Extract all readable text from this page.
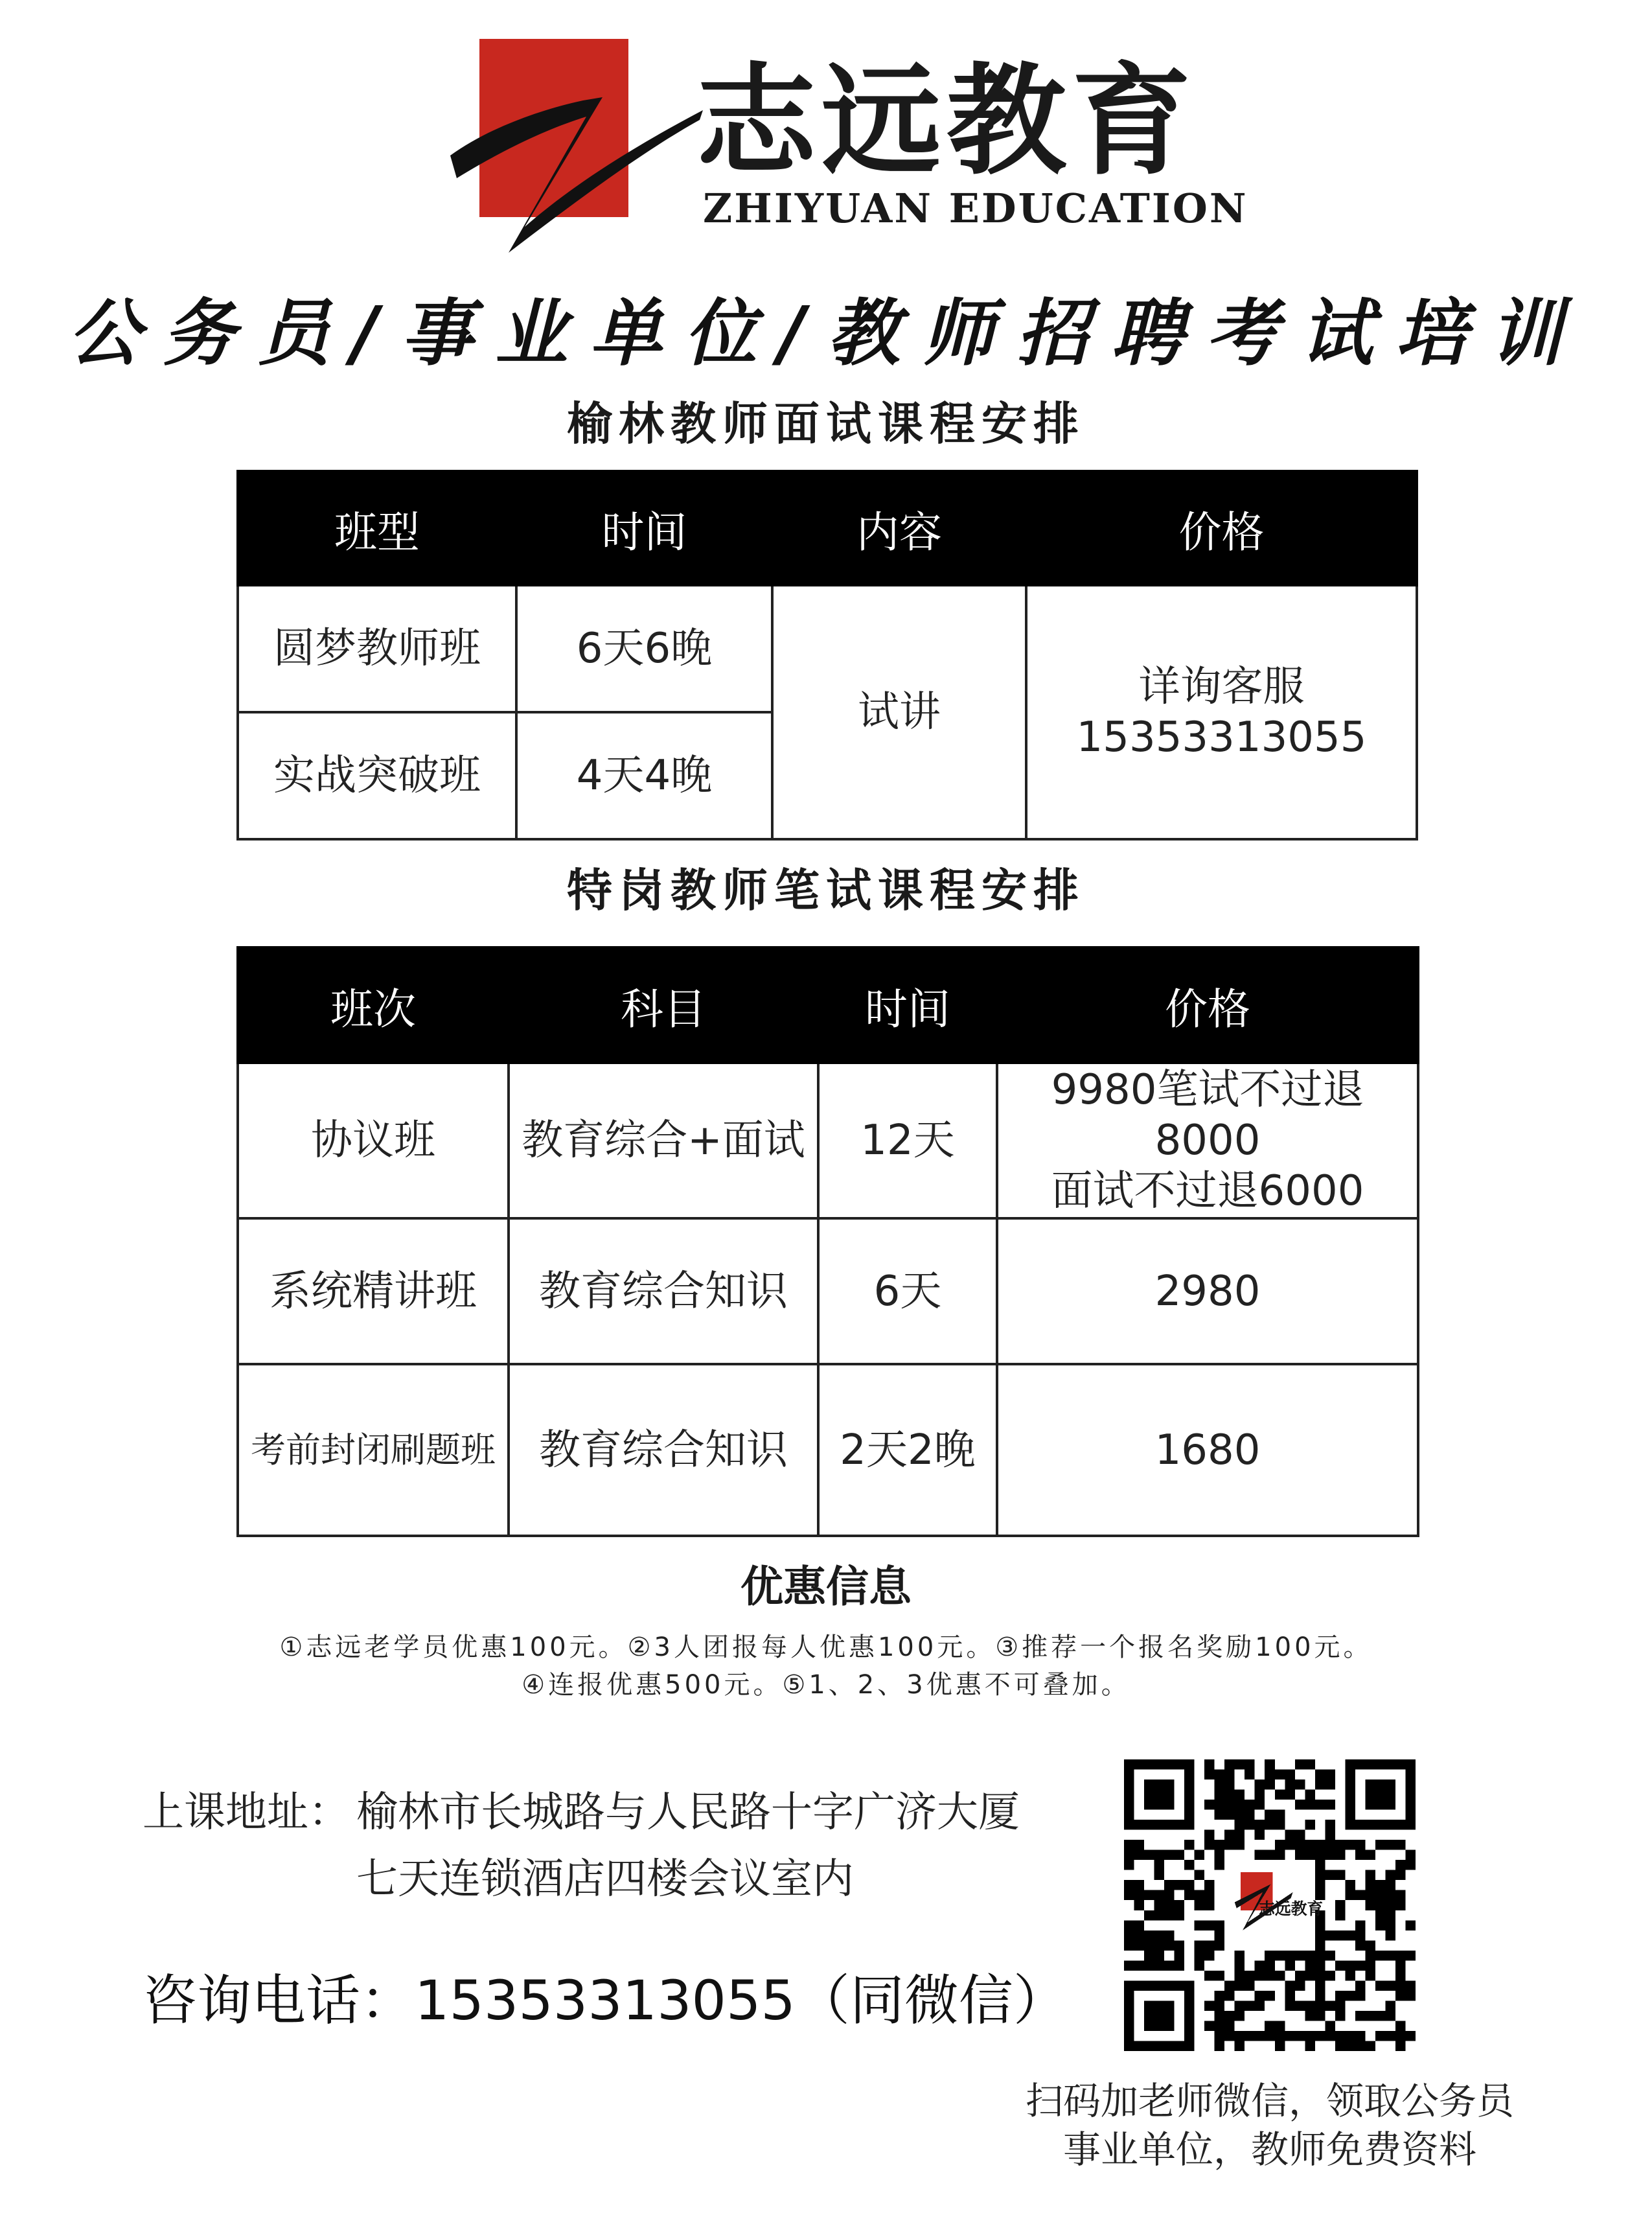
志远教育
ZHIYUAN EDUCATION
公务员/事业单位/教师招聘考试培训
榆林教师面试课程安排
班型	时间	内容	价格
圆梦教师班	6天6晚	试讲	详询客服
15353313055

实战突破班	4天4晚		
特岗教师笔试课程安排
班次	科目	时间	价格
协议班	教育综合+面试	12天	9980笔试不过退8000
面试不过退6000

系统精讲班	教育综合知识	6天	2980

考前封闭刷题班	教育综合知识	2天2晚	1680
优惠信息
①志远老学员优惠100元。②3人团报每人优惠100元。③推荐一个报名奖励100元。
④连报优惠500元。⑤1、2、3优惠不可叠加。
上课地址： 榆林市长城路与人民路十字广济大厦
七天连锁酒店四楼会议室内
咨询电话： 15353313055（同微信）
志远教育
扫码加老师微信，领取公务员
事业单位，教师免费资料
